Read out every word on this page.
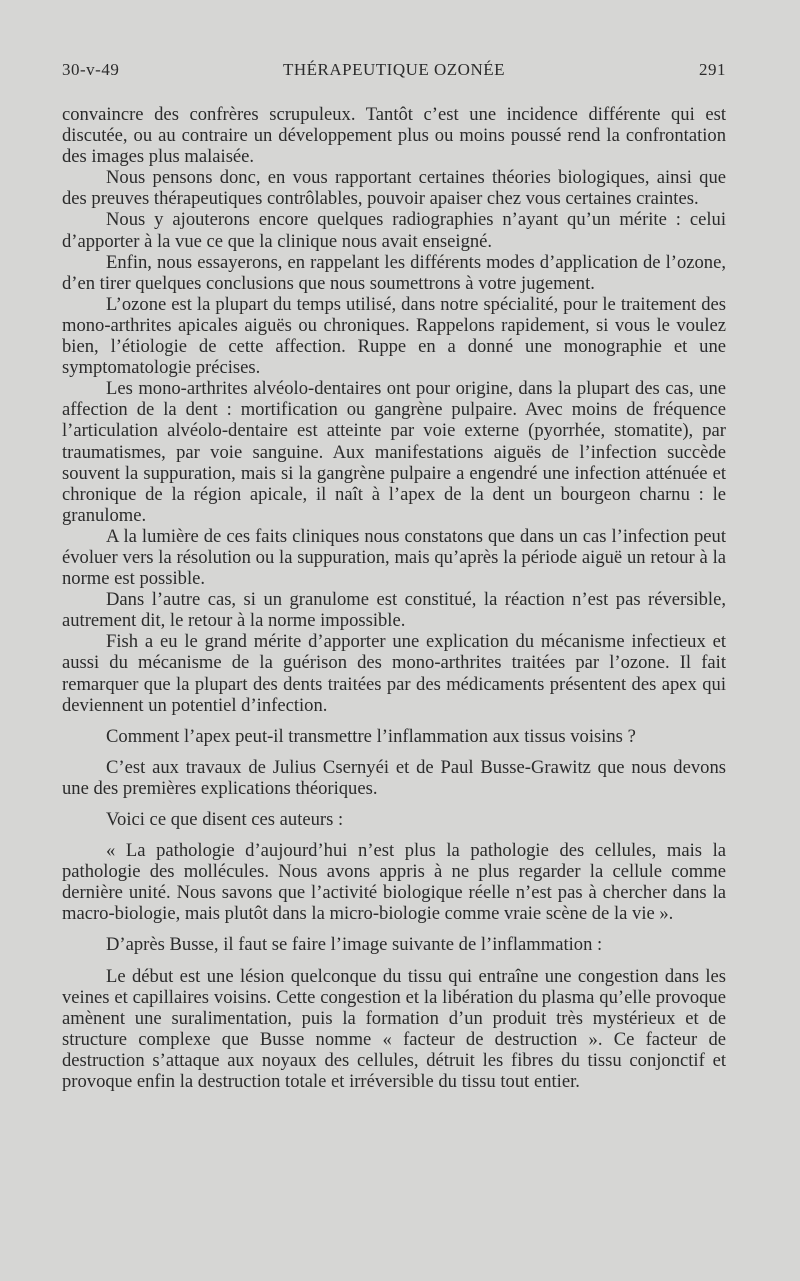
30-v-49	THÉRAPEUTIQUE OZONÉE	291

convaincre des confrères scrupuleux. Tantôt c’est une incidence différente qui est discutée, ou au contraire un développement plus ou moins poussé rend la confrontation des images plus malaisée.

Nous pensons donc, en vous rapportant certaines théories biologiques, ainsi que des preuves thérapeutiques contrôlables, pouvoir apaiser chez vous certaines craintes.

Nous y ajouterons encore quelques radiographies n’ayant qu’un mérite : celui d’apporter à la vue ce que la clinique nous avait enseigné.

Enfin, nous essayerons, en rappelant les différents modes d’application de l’ozone, d’en tirer quelques conclusions que nous soumettrons à votre jugement.

L’ozone est la plupart du temps utilisé, dans notre spécialité, pour le traitement des mono-arthrites apicales aiguës ou chroniques. Rappelons rapidement, si vous le voulez bien, l’étiologie de cette affection. Ruppe en a donné une monographie et une symptomatologie précises.

Les mono-arthrites alvéolo-dentaires ont pour origine, dans la plupart des cas, une affection de la dent : mortification ou gangrène pulpaire. Avec moins de fréquence l’articulation alvéolo-dentaire est atteinte par voie externe (pyorrhée, stomatite), par traumatismes, par voie sanguine. Aux manifestations aiguës de l’infection succède souvent la suppuration, mais si la gangrène pulpaire a engendré une infection atténuée et chronique de la région apicale, il naît à l’apex de la dent un bourgeon charnu : le granulome.

A la lumière de ces faits cliniques nous constatons que dans un cas l’infection peut évoluer vers la résolution ou la suppuration, mais qu’après la période aiguë un retour à la norme est possible.

Dans l’autre cas, si un granulome est constitué, la réaction n’est pas réversible, autrement dit, le retour à la norme impossible.

Fish a eu le grand mérite d’apporter une explication du mécanisme infectieux et aussi du mécanisme de la guérison des mono-arthrites traitées par l’ozone. Il fait remarquer que la plupart des dents traitées par des médicaments présentent des apex qui deviennent un potentiel d’infection.

Comment l’apex peut-il transmettre l’inflammation aux tissus voisins ?

C’est aux travaux de Julius Csernyéi et de Paul Busse-Grawitz que nous devons une des premières explications théoriques.

Voici ce que disent ces auteurs :

« La pathologie d’aujourd’hui n’est plus la pathologie des cellules, mais la pathologie des mollécules. Nous avons appris à ne plus regarder la cellule comme dernière unité. Nous savons que l’activité biologique réelle n’est pas à chercher dans la macro-biologie, mais plutôt dans la micro-biologie comme vraie scène de la vie ».

D’après Busse, il faut se faire l’image suivante de l’inflammation :

Le début est une lésion quelconque du tissu qui entraîne une congestion dans les veines et capillaires voisins. Cette congestion et la libération du plasma qu’elle provoque amènent une suralimentation, puis la formation d’un produit très mystérieux et de structure complexe que Busse nomme « facteur de destruction ». Ce facteur de destruction s’attaque aux noyaux des cellules, détruit les fibres du tissu conjonctif et provoque enfin la destruction totale et irréversible du tissu tout entier.
